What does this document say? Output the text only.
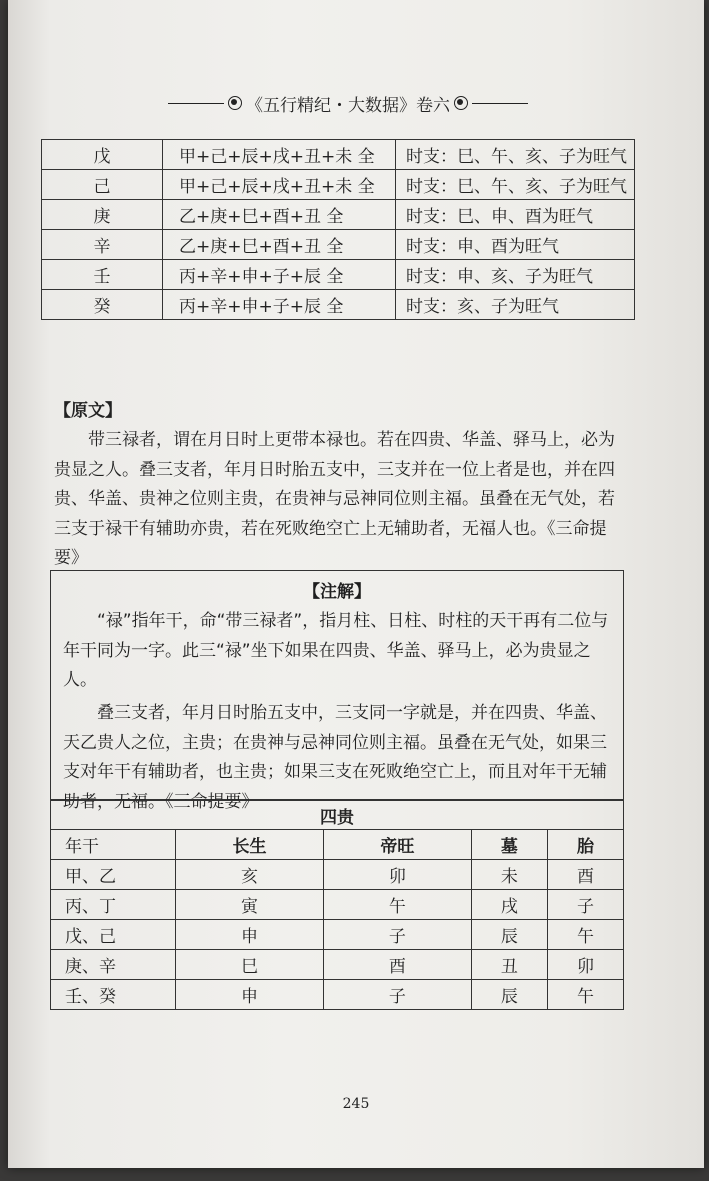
《五行精纪・大数据》卷六
戊	甲+己+辰+戌+丑+未 全	时支：巳、午、亥、子为旺气
己	甲+己+辰+戌+丑+未 全	时支：巳、午、亥、子为旺气
庚	乙+庚+巳+酉+丑 全	时支：巳、申、酉为旺气
辛	乙+庚+巳+酉+丑 全	时支：申、酉为旺气
壬	丙+辛+申+子+辰 全	时支：申、亥、子为旺气
癸	丙+辛+申+子+辰 全	时支：亥、子为旺气
【原文】
带三禄者，谓在月日时上更带本禄也。若在四贵、华盖、驿马上，必为贵显之人。叠三支者，年月日时胎五支中，三支并在一位上者是也，并在四贵、华盖、贵神之位则主贵，在贵神与忌神同位则主福。虽叠在无气处，若三支于禄干有辅助亦贵，若在死败绝空亡上无辅助者，无福人也。《三命提要》
【注解】
“禄”指年干，命“带三禄者”，指月柱、日柱、时柱的天干再有二位与年干同为一字。此三“禄”坐下如果在四贵、华盖、驿马上，必为贵显之人。
叠三支者，年月日时胎五支中，三支同一字就是，并在四贵、华盖、天乙贵人之位，主贵；在贵神与忌神同位则主福。虽叠在无气处，如果三支对年干有辅助者，也主贵；如果三支在死败绝空亡上，而且对年干无辅助者，无福。《三命提要》
四贵				
年干	长生	帝旺	墓	胎
甲、乙	亥	卯	未	酉
丙、丁	寅	午	戌	子
戊、己	申	子	辰	午
庚、辛	巳	酉	丑	卯
壬、癸	申	子	辰	午
245
